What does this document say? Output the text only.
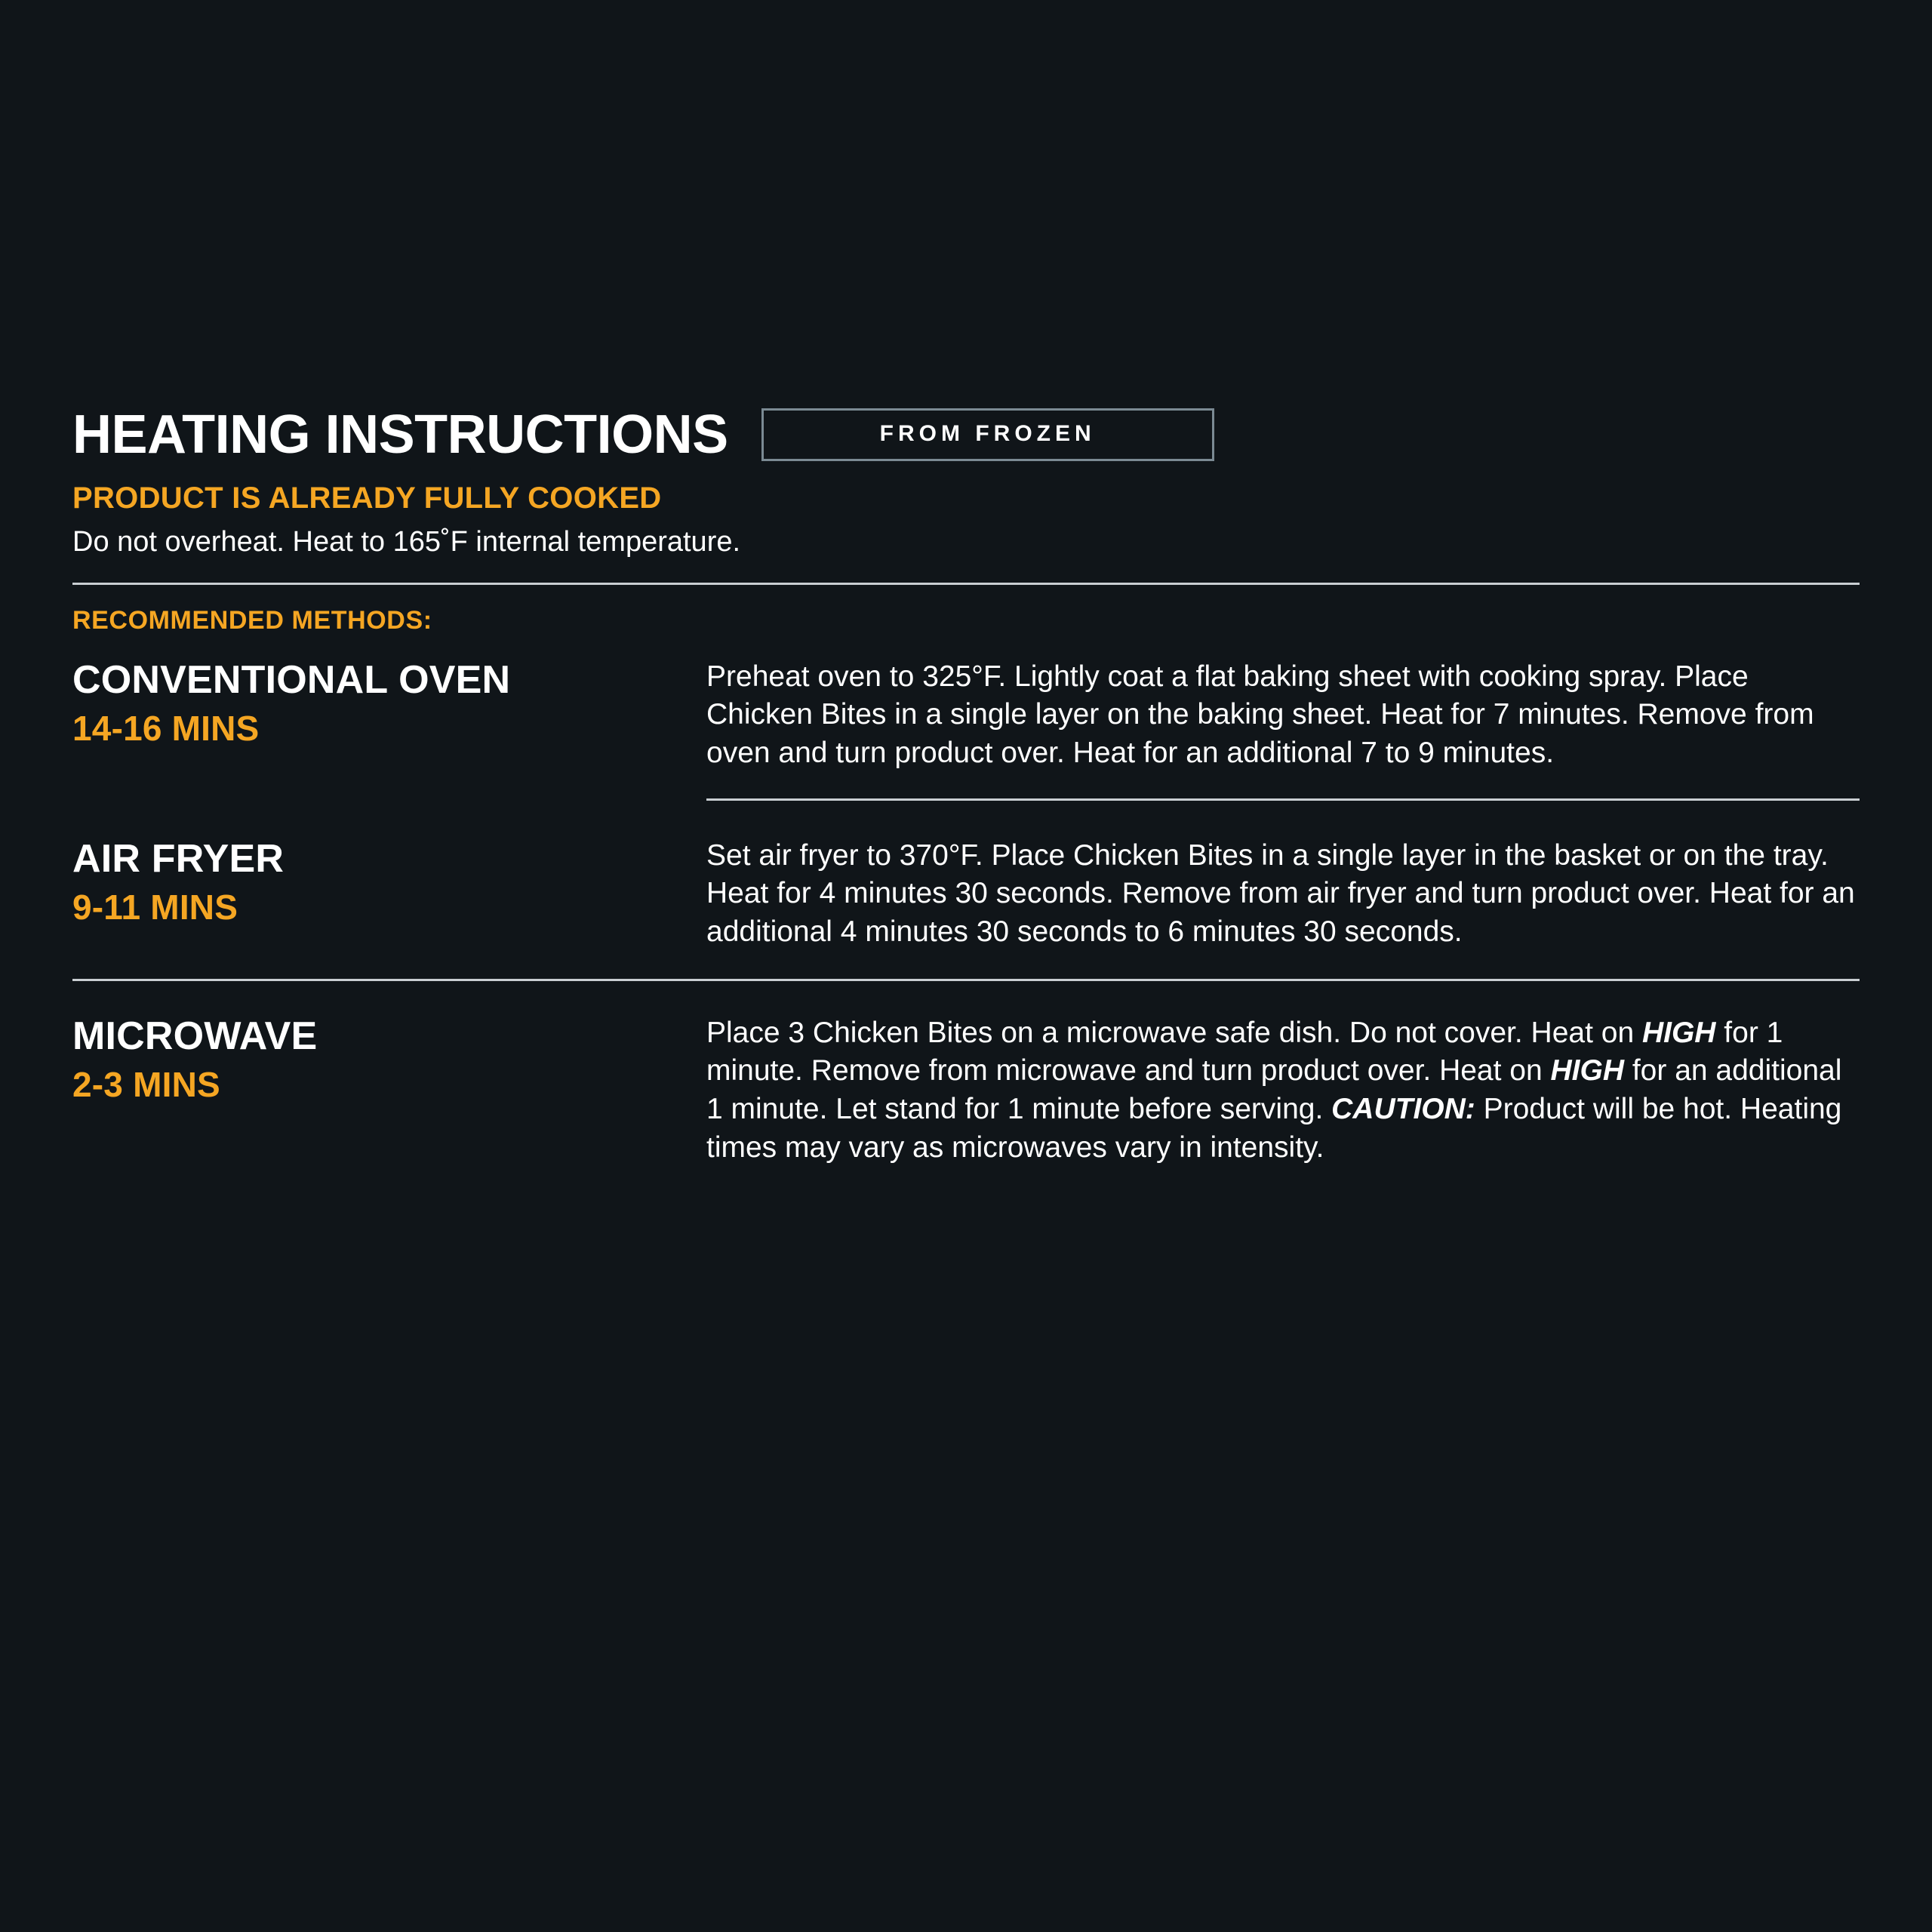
HEATING INSTRUCTIONS	FROM FROZEN
PRODUCT IS ALREADY FULLY COOKED
Do not overheat. Heat to 165˚F internal temperature.
RECOMMENDED METHODS:
CONVENTIONAL OVEN
14-16 MINS
Preheat oven to 325°F. Lightly coat a flat baking sheet with cooking spray. Place Chicken Bites in a single layer on the baking sheet. Heat for 7 minutes. Remove from oven and turn product over. Heat for an additional 7 to 9 minutes.
AIR FRYER
9-11 MINS
Set air fryer to 370°F. Place Chicken Bites in a single layer in the basket or on the tray. Heat for 4 minutes 30 seconds. Remove from air fryer and turn product over. Heat for an additional 4 minutes 30 seconds to 6 minutes 30 seconds.
MICROWAVE
2-3 MINS
Place 3 Chicken Bites on a microwave safe dish. Do not cover. Heat on HIGH for 1 minute. Remove from microwave and turn product over. Heat on HIGH for an additional 1 minute. Let stand for 1 minute before serving. CAUTION: Product will be hot. Heating times may vary as microwaves vary in intensity.
